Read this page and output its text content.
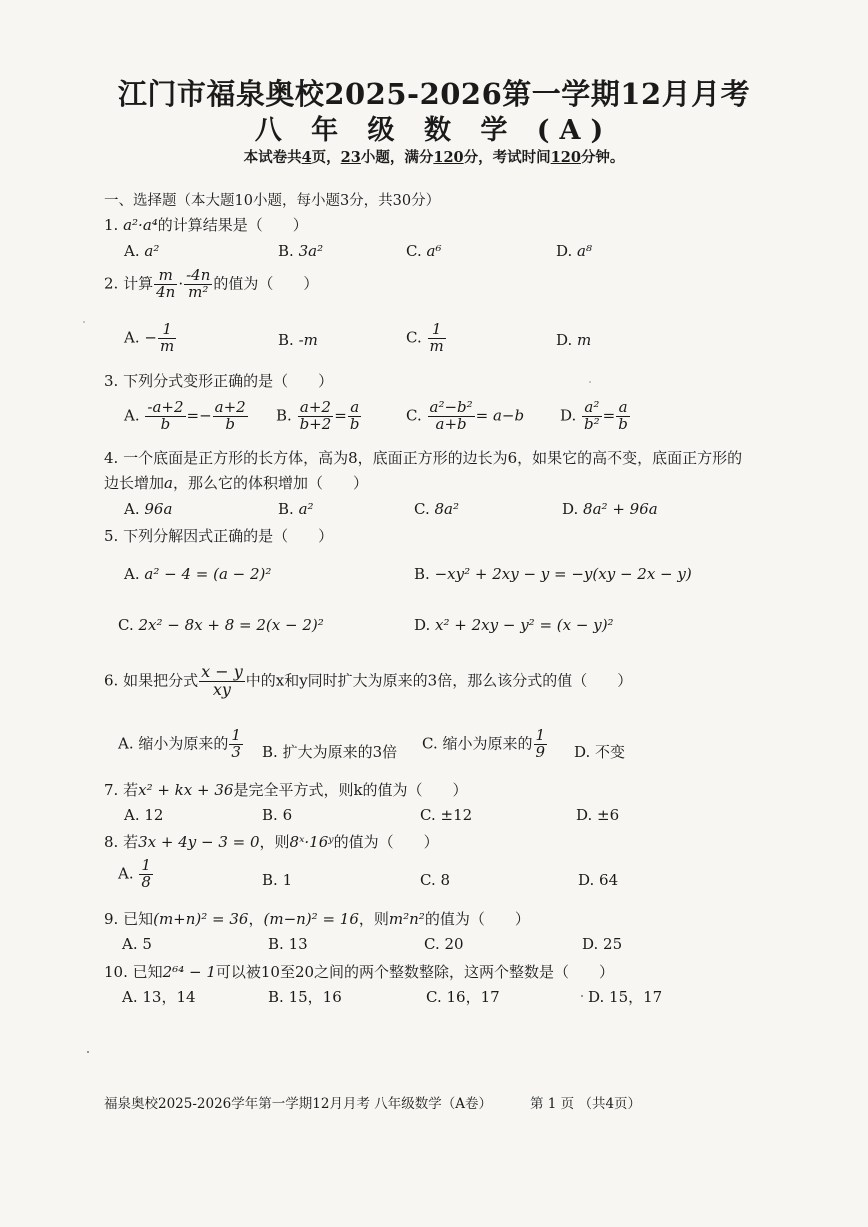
江门市福泉奥校2025-2026第一学期12月月考
八 年 级 数 学 (A)
本试卷共4页，23小题，满分120分，考试时间120分钟。
一、选择题（本大题10小题，每小题3分，共30分）
1. a²·a⁴的计算结果是（　　）
A. a²	B. 3a²	C. a⁶	D. a⁸
2. 计算 $\frac{m}{4n} \cdot \frac{-4n}{\text{m²}}$ 的值为（　　）
A. − $\frac{1}{m}$	B. -m	C. $\frac{1}{m}$	D. m
3. 下列分式变形正确的是（　　）
A. $\frac{-a+2}{b} =- \frac{a+2}{b} B$. $\frac{a+2}{b+2} = \frac{a}{b}$	C. $\frac{\text{a²−b²}}{a+b} = a-b$ D. $\frac{\text{a²}}{\text{b²}} = \frac{a}{b}$
4. 一个底面是正方形的长方体，高为8，底面正方形的边长为6，如果它的高不变，底面正方形的
边长增加a，那么它的体积增加（　　）
A. 96a	B. a²	C. 8a²	D. 8a² + 96a
5. 下列分解因式正确的是（　　）
A. a² − 4 = (a − 2)²	B. −xy² + 2xy − y = −y(xy − 2x − y)
C. 2x² − 8x + 8 = 2(x − 2)²	D. x² + 2xy − y² = (x − y)²
6. 如果把分式 $\frac{x - y}{xy}$ 中的x和y同时扩大为原来的3倍，那么该分式的值（　　）
A. 缩小为原来的 $\frac{1}{3} B$. 扩大为原来的3倍 C. 缩小为原来的 $\frac{1}{9} D$. 不变
7. 若x² + kx + 36是完全平方式，则k的值为（　　）
A. 12	B. 6	C. ±12	D. ±6
8. 若3x + 4y − 3 = 0，则8ˣ·16ʸ的值为（　　）
A. $\frac{1}{8}$	B. 1	C. 8	D. 64
9. 已知(m+n)² = 36，(m−n)² = 16，则m²n²的值为（　　）
A. 5	B. 13	C. 20	D. 25
10. 已知2⁶⁴ − 1可以被10至20之间的两个整数整除，这两个整数是（　　）
A. 13，14	B. 15，16	C. 16，17	D. 15，17
福泉奥校2025-2026学年第一学期12月月考 八年级数学（A卷）	第 1 页 （共4页）
